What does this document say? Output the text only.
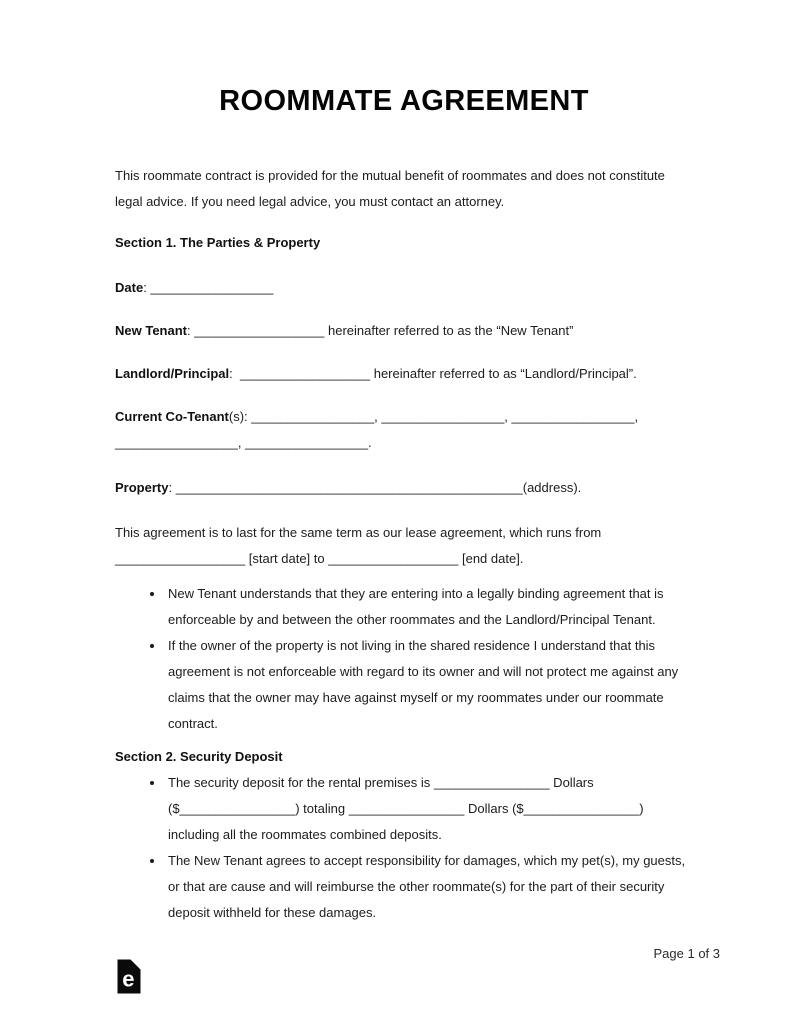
ROOMMATE AGREEMENT

This roommate contract is provided for the mutual benefit of roommates and does not constitute legal advice. If you need legal advice, you must contact an attorney.

Section 1. The Parties & Property

Date: _________________

New Tenant: __________________ hereinafter referred to as the “New Tenant”

Landlord/Principal:  __________________ hereinafter referred to as “Landlord/Principal”.

Current Co-Tenant(s): _________________, _________________, _________________, _________________, _________________.

Property: ________________________________________________(address).

This agreement is to last for the same term as our lease agreement, which runs from __________________ [start date] to __________________ [end date].

• New Tenant understands that they are entering into a legally binding agreement that is enforceable by and between the other roommates and the Landlord/Principal Tenant.
• If the owner of the property is not living in the shared residence I understand that this agreement is not enforceable with regard to its owner and will not protect me against any claims that the owner may have against myself or my roommates under our roommate contract.
Section 2. Security Deposit
• The security deposit for the rental premises is ________________ Dollars ($________________) totaling ________________ Dollars ($________________) including all the roommates combined deposits.
• The New Tenant agrees to accept responsibility for damages, which my pet(s), my guests, or that are cause and will reimburse the other roommate(s) for the part of their security deposit withheld for these damages.
Page 1 of 3
e
